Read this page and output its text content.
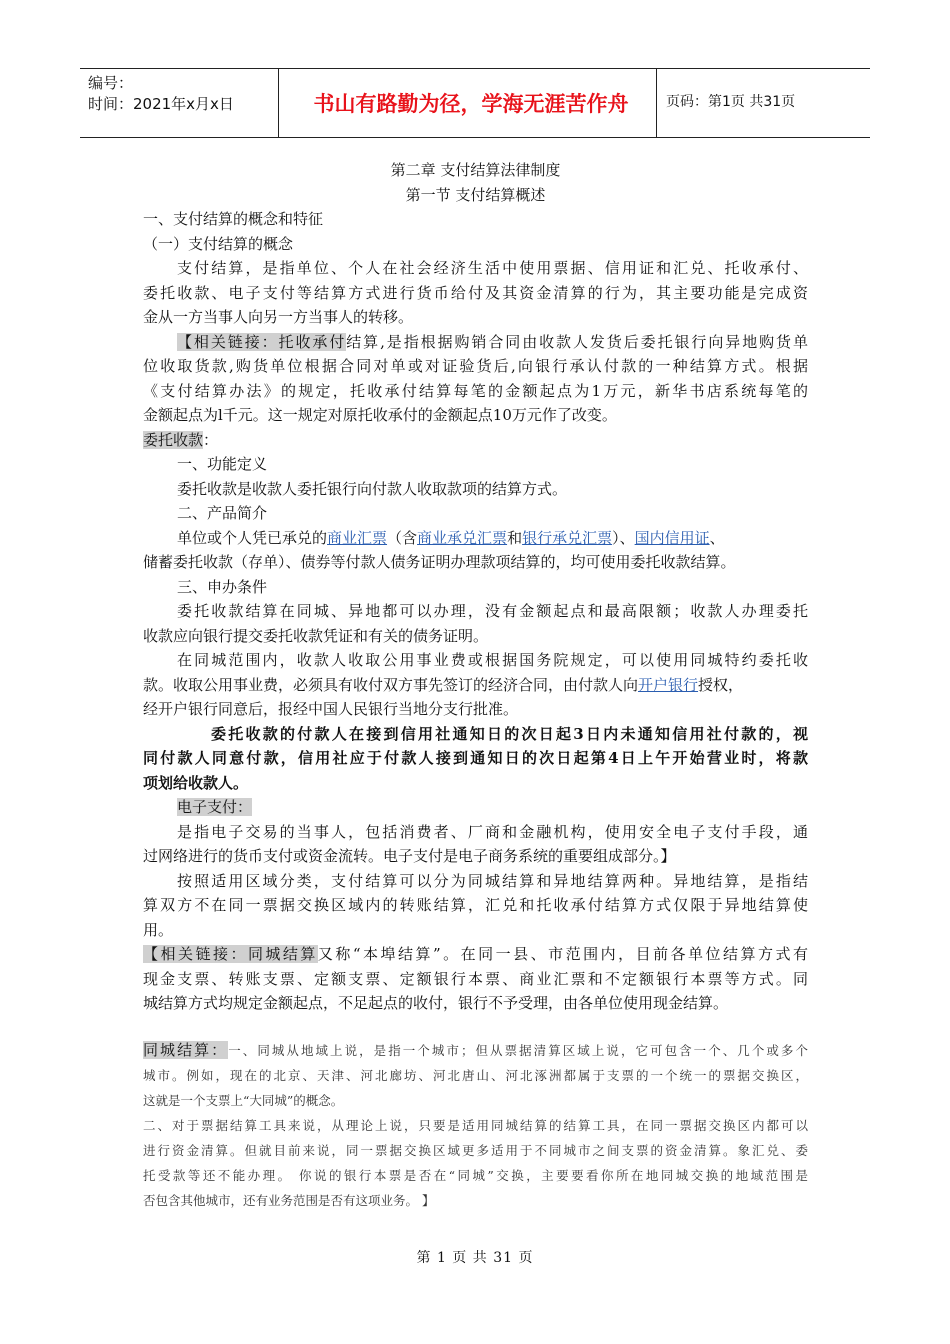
编号：
时间：2021年x月x日	书山有路勤为径，学海无涯苦作舟	页码：第1页 共31页
第二章 支付结算法律制度
第一节 支付结算概述
一、支付结算的概念和特征
（一）支付结算的概念
支付结算，是指单位、个人在社会经济生活中使用票据、信用证和汇兑、托收承付、
委托收款、电子支付等结算方式进行货币给付及其资金清算的行为，其主要功能是完成资
金从一方当事人向另一方当事人的转移。
【相关链接：托收承付结算,是指根据购销合同由收款人发货后委托银行向异地购货单
位收取货款,购货单位根据合同对单或对证验货后,向银行承认付款的一种结算方式。根据
《支付结算办法》的规定，托收承付结算每笔的金额起点为1万元，新华书店系统每笔的
金额起点为l千元。这一规定对原托收承付的金额起点10万元作了改变。
委托收款：
一、功能定义
委托收款是收款人委托银行向付款人收取款项的结算方式。
二、产品简介
单位或个人凭已承兑的商业汇票（含商业承兑汇票和银行承兑汇票）、国内信用证、
储蓄委托收款（存单）、债券等付款人债务证明办理款项结算的，均可使用委托收款结算。
三、申办条件
委托收款结算在同城、异地都可以办理，没有金额起点和最高限额；收款人办理委托
收款应向银行提交委托收款凭证和有关的债务证明。
在同城范围内，收款人收取公用事业费或根据国务院规定，可以使用同城特约委托收
款。收取公用事业费，必须具有收付双方事先签订的经济合同，由付款人向开户银行授权，
经开户银行同意后，报经中国人民银行当地分支行批准。
委托收款的付款人在接到信用社通知日的次日起3日内未通知信用社付款的，视
同付款人同意付款，信用社应于付款人接到通知日的次日起第4日上午开始营业时，将款
项划给收款人。
电子支付：
是指电子交易的当事人，包括消费者、厂商和金融机构，使用安全电子支付手段，通
过网络进行的货币支付或资金流转。电子支付是电子商务系统的重要组成部分。】
按照适用区域分类，支付结算可以分为同城结算和异地结算两种。异地结算，是指结
算双方不在同一票据交换区域内的转账结算，汇兑和托收承付结算方式仅限于异地结算使
用。
【相关链接：同城结算又称“本埠结算”。在同一县、市范围内，目前各单位结算方式有
现金支票、转账支票、定额支票、定额银行本票、商业汇票和不定额银行本票等方式。同
城结算方式均规定金额起点，不足起点的收付，银行不予受理，由各单位使用现金结算。
同城结算：一、同城从地域上说，是指一个城市；但从票据清算区域上说，它可包含一个、几个或多个
城市。例如，现在的北京、天津、河北廊坊、河北唐山、河北涿洲都属于支票的一个统一的票据交换区，
这就是一个支票上“大同城”的概念。
二、对于票据结算工具来说，从理论上说，只要是适用同城结算的结算工具，在同一票据交换区内都可以
进行资金清算。但就目前来说，同一票据交换区域更多适用于不同城市之间支票的资金清算。象汇兑、委
托受款等还不能办理。 你说的银行本票是否在“同城”交换，主要要看你所在地同城交换的地域范围是
否包含其他城市，还有业务范围是否有这项业务。 】
第 1 页 共 31 页
